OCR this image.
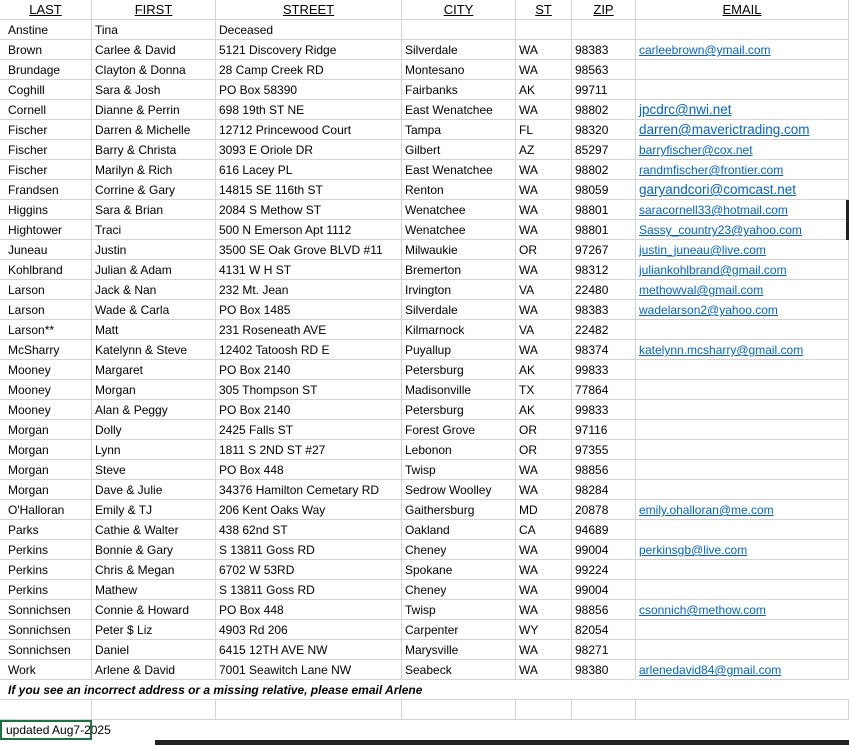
LAST	FIRST	STREET	CITY	ST	ZIP	EMAIL
Anstine	Tina	Deceased
Brown	Carlee & David	5121 Discovery Ridge	Silverdale	WA	98383	carleebrown@ymail.com
Brundage	Clayton & Donna	28 Camp Creek RD	Montesano	WA	98563
Coghill	Sara & Josh	PO Box 58390	Fairbanks	AK	99711
Cornell	Dianne & Perrin	698 19th ST NE	East Wenatchee	WA	98802	jpcdrc@nwi.net
Fischer	Darren & Michelle	12712 Princewood Court	Tampa	FL	98320	darren@maverictrading.com
Fischer	Barry & Christa	3093 E Oriole DR	Gilbert	AZ	85297	barryfischer@cox.net
Fischer	Marilyn & Rich	616 Lacey PL	East Wenatchee	WA	98802	randmfischer@frontier.com
Frandsen	Corrine & Gary	14815 SE 116th ST	Renton	WA	98059	garyandcori@comcast.net
Higgins	Sara & Brian	2084 S Methow ST	Wenatchee	WA	98801	saracornell33@hotmail.com
Hightower	Traci	500 N Emerson Apt 1112	Wenatchee	WA	98801	Sassy_country23@yahoo.com
Juneau	Justin	3500 SE Oak Grove BLVD #11	Milwaukie	OR	97267	justin_juneau@live.com
Kohlbrand	Julian & Adam	4131 W H ST	Bremerton	WA	98312	juliankohlbrand@gmail.com
Larson	Jack & Nan	232 Mt. Jean	Irvington	VA	22480	methowval@gmail.com
Larson	Wade & Carla	PO Box 1485	Silverdale	WA	98383	wadelarson2@yahoo.com
Larson**	Matt	231 Roseneath AVE	Kilmarnock	VA	22482
McSharry	Katelynn & Steve	12402 Tatoosh RD E	Puyallup	WA	98374	katelynn.mcsharry@gmail.com
Mooney	Margaret	PO Box 2140	Petersburg	AK	99833
Mooney	Morgan	305 Thompson ST	Madisonville	TX	77864
Mooney	Alan & Peggy	PO Box 2140	Petersburg	AK	99833
Morgan	Dolly	2425 Falls ST	Forest Grove	OR	97116
Morgan	Lynn	1811 S 2ND ST #27	Lebonon	OR	97355
Morgan	Steve	PO Box 448	Twisp	WA	98856
Morgan	Dave & Julie	34376 Hamilton Cemetary RD	Sedrow Woolley	WA	98284
O'Halloran	Emily & TJ	206 Kent Oaks Way	Gaithersburg	MD	20878	emily.ohalloran@me.com
Parks	Cathie & Walter	438 62nd ST	Oakland	CA	94689
Perkins	Bonnie & Gary	S 13811 Goss RD	Cheney	WA	99004	perkinsgb@live.com
Perkins	Chris & Megan	6702 W 53RD	Spokane	WA	99224
Perkins	Mathew	S 13811 Goss RD	Cheney	WA	99004
Sonnichsen	Connie & Howard	PO Box 448	Twisp	WA	98856	csonnich@methow.com
Sonnichsen	Peter $ Liz	4903 Rd 206	Carpenter	WY	82054
Sonnichsen	Daniel	6415 12TH AVE NW	Marysville	WA	98271
Work	Arlene & David	7001 Seawitch Lane NW	Seabeck	WA	98380	arlenedavid84@gmail.com
If you see an incorrect address or a missing relative, please email Arlene
updated Aug7-2025
